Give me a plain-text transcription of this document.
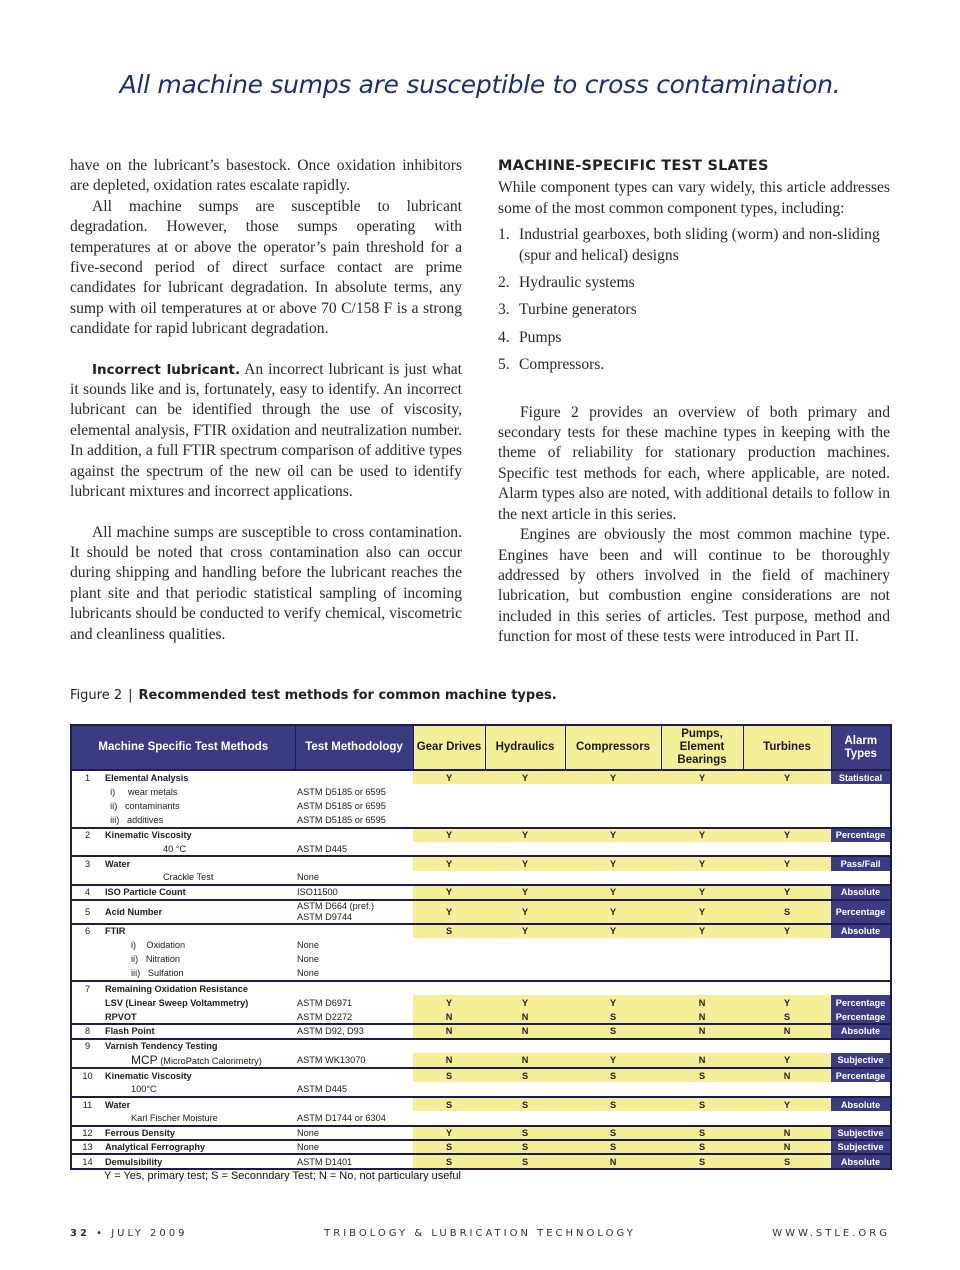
All machine sumps are susceptible to cross contamination.

have on the lubricant’s basestock. Once oxidation inhibitors are depleted, oxidation rates escalate rapidly.

All machine sumps are susceptible to lubricant degradation. However, those sumps operating with temperatures at or above the operator’s pain threshold for a five-second period of direct surface contact are prime candidates for lubricant degradation. In absolute terms, any sump with oil temperatures at or above 70 C/158 F is a strong candidate for rapid lubricant degradation.

Incorrect lubricant. An incorrect lubricant is just what it sounds like and is, fortunately, easy to identify. An incorrect lubricant can be identified through the use of viscosity, elemental analysis, FTIR oxidation and neutralization number. In addition, a full FTIR spectrum comparison of additive types against the spectrum of the new oil can be used to identify lubricant mixtures and incorrect applications.

All machine sumps are susceptible to cross contamination. It should be noted that cross contamination also can occur during shipping and handling before the lubricant reaches the plant site and that periodic statistical sampling of incoming lubricants should be conducted to verify chemical, viscometric and cleanliness qualities.

MACHINE-SPECIFIC TEST SLATES

While component types can vary widely, this article addresses some of the most common component types, including:

1. Industrial gearboxes, both sliding (worm) and non-sliding (spur and helical) designs
2. Hydraulic systems
3. Turbine generators
4. Pumps
5. Compressors.

Figure 2 provides an overview of both primary and secondary tests for these machine types in keeping with the theme of reliability for stationary production machines. Specific test methods for each, where applicable, are noted. Alarm types also are noted, with additional details to follow in the next article in this series.

Engines are obviously the most common machine type. Engines have been and will continue to be thoroughly addressed by others involved in the field of machinery lubrication, but combustion engine considerations are not included in this series of articles. Test purpose, method and function for most of these tests were introduced in Part II.

Figure 2 | Recommended test methods for common machine types.
Machine Specific Test Methods		Test Methodology	Gear Drives	Hydraulics	Compressors	Pumps, Element Bearings	Turbines	Alarm Types
1	Elemental Analysis		Y	Y	Y	Y	Y	Statistical
	i) wear metals	ASTM D5185 or 6595						
	ii) contaminants	ASTM D5185 or 6595						
	iii) additives	ASTM D5185 or 6595						
2	Kinematic Viscosity		Y	Y	Y	Y	Y	Percentage
	40 °C	ASTM D445						
3	Water		Y	Y	Y	Y	Y	Pass/Fail
	Crackle Test	None						
4	ISO Particle Count	ISO11500	Y	Y	Y	Y	Y	Absolute
5	Acid Number	ASTM D664 (pref.)
ASTM D9744	Y	Y	Y	Y	S	Percentage
6	FTIR		S	Y	Y	Y	Y	Absolute
	i) Oxidation	None						
	ii) Nitration	None						
	iii) Sulfation	None						
7	Remaining Oxidation Resistance							
	LSV (Linear Sweep Voltammetry)	ASTM D6971	Y	Y	Y	N	Y	Percentage
	RPVOT	ASTM D2272	N	N	S	N	S	Percentage
8	Flash Point	ASTM D92, D93	N	N	S	N	N	Absolute
9	Varnish Tendency Testing							
	MCP (MicroPatch Calorimetry)	ASTM WK13070	N	N	Y	N	Y	Subjective
10	Kinematic Viscosity		S	S	S	S	N	Percentage
	100°C	ASTM D445						
11	Water		S	S	S	S	Y	Absolute
	Karl Fischer Moisture	ASTM D1744 or 6304						
12	Ferrous Density	None	Y	S	S	S	N	Subjective
13	Analytical Ferrography	None	S	S	S	S	N	Subjective
14	Demulsibility	ASTM D1401	S	S	N	S	S	Absolute
Y = Yes, primary test; S = Seconndary Test; N = No, not particulary useful
32 • JULY 2009	TRIBOLOGY & LUBRICATION TECHNOLOGY	WWW.STLE.ORG
